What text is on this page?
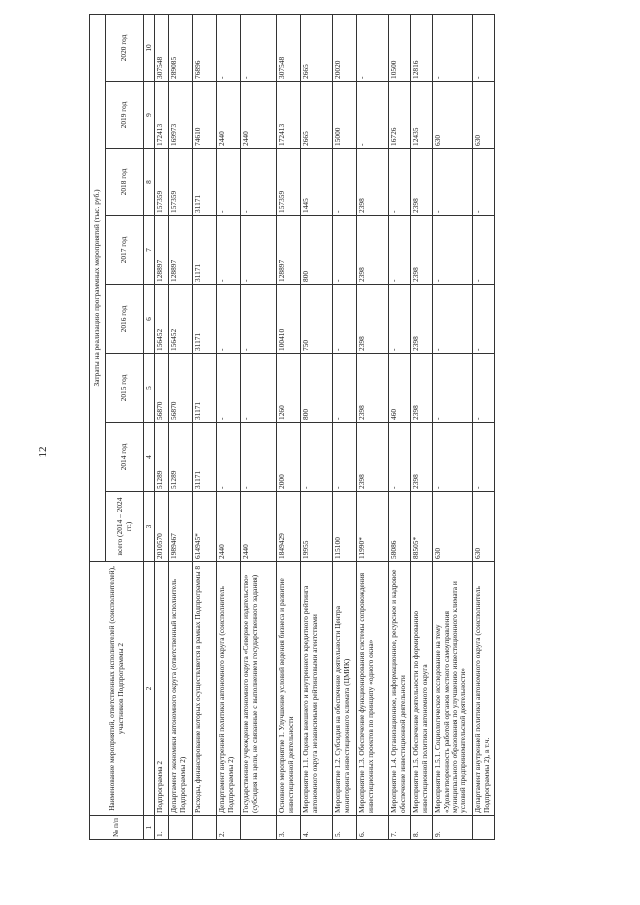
12
№ п/п	Наименование мероприятий, ответственных исполнителей (соисполнителей), участников Подпрограммы 2	Затраты на реализацию программных мероприятий (тыс. руб.)							
		всего (2014 – 2024 гг.)	2014 год	2015 год	2016 год	2017 год	2018 год	2019 год	2020 год
1	2	3	4	5	6	7	8	9	10
1.	Подпрограмма 2	2010570	51289	56870	156452	128897	157359	172413	307548
	Департамент экономики автономного округа (ответственный исполнитель Подпрограммы 2)	1989467	51289	56870	156452	128897	157359	169973	289085
	Расходы, финансирование которых осуществляется в рамках Подпрограммы 8	614945*	31171	31171	31171	31171	31171	74610	76896
2.	Департамент внутренней политики автономного округа (соисполнитель Подпрограммы 2)	2440	-	-	-	-	-	2440	-
	Государственное учреждение автономного округа «Северное издательство» (субсидия на цели, не связанные с выполнением государственного задания)	2440	-	-	-	-	-	2440	-
3.	Основное мероприятие 1. Улучшение условий ведения бизнеса и развитие инвестиционной деятельности	1849429	2000	1260	100410	128897	157359	172413	307548
4.	Мероприятие 1.1. Оценка внешнего и внутреннего кредитного рейтинга автономного округа независимыми рейтинговыми агентствами	19955	-	800	750	800	1445	2665	2665
5.	Мероприятие 1.2. Субсидия на обеспечение деятельности Центра мониторинга инвестиционного климата (ЦМИК)	115100	-	-	-	-	-	15000	20020
6.	Мероприятие 1.3. Обеспечение функционирования системы сопровождения инвестиционных проектов по принципу «одного окна»	11990*	2398	2398	2398	2398	2398	-	-
7.	Мероприятие 1.4. Организационное, информационное, ресурсное и кадровое обеспечение инвестиционной деятельности	58086	-	460	-	-	-	16726	10500
8.	Мероприятие 1.5. Обеспечение деятельности по формированию инвестиционной политики автономного округа	88505*	2398	2398	2398	2398	2398	12435	12816
9.	Мероприятие 1.5.1. Социологическое исследование на тему «Удовлетворенность работой органов местного самоуправления муниципального образования по улучшению инвестиционного климата и условий предпринимательской деятельности»	630	-	-	-	-	-	630	-
	Департамент внутренней политики автономного округа (соисполнитель Подпрограммы 2), в т.ч.	630	-	-	-	-	-	630	-
